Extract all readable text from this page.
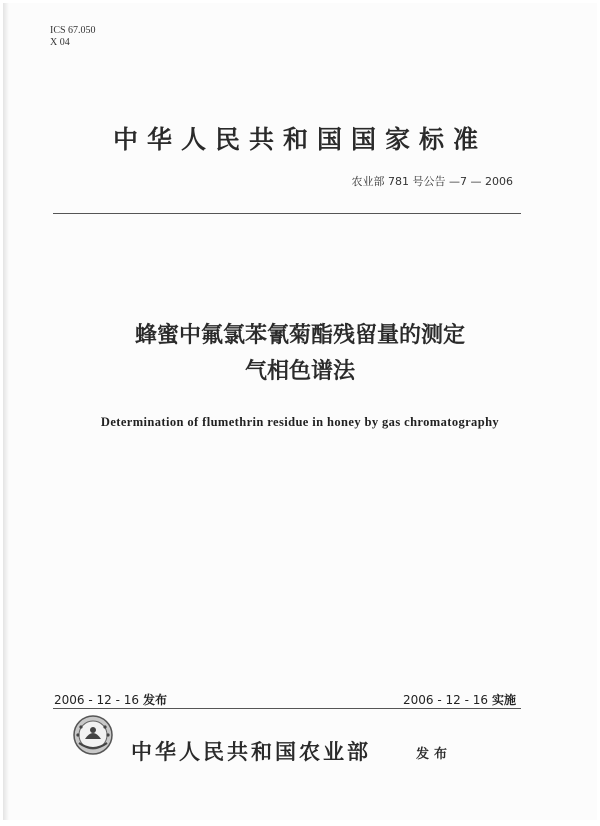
ICS 67.050
X 04
中华人民共和国国家标准
农业部 781 号公告 —7 — 2006
蜂蜜中氟氯苯氰菊酯残留量的测定
气相色谱法
Determination of flumethrin residue in honey by gas chromatography
2006 - 12 - 16 发布	2006 - 12 - 16 实施
中华人民共和国农业部	发布
